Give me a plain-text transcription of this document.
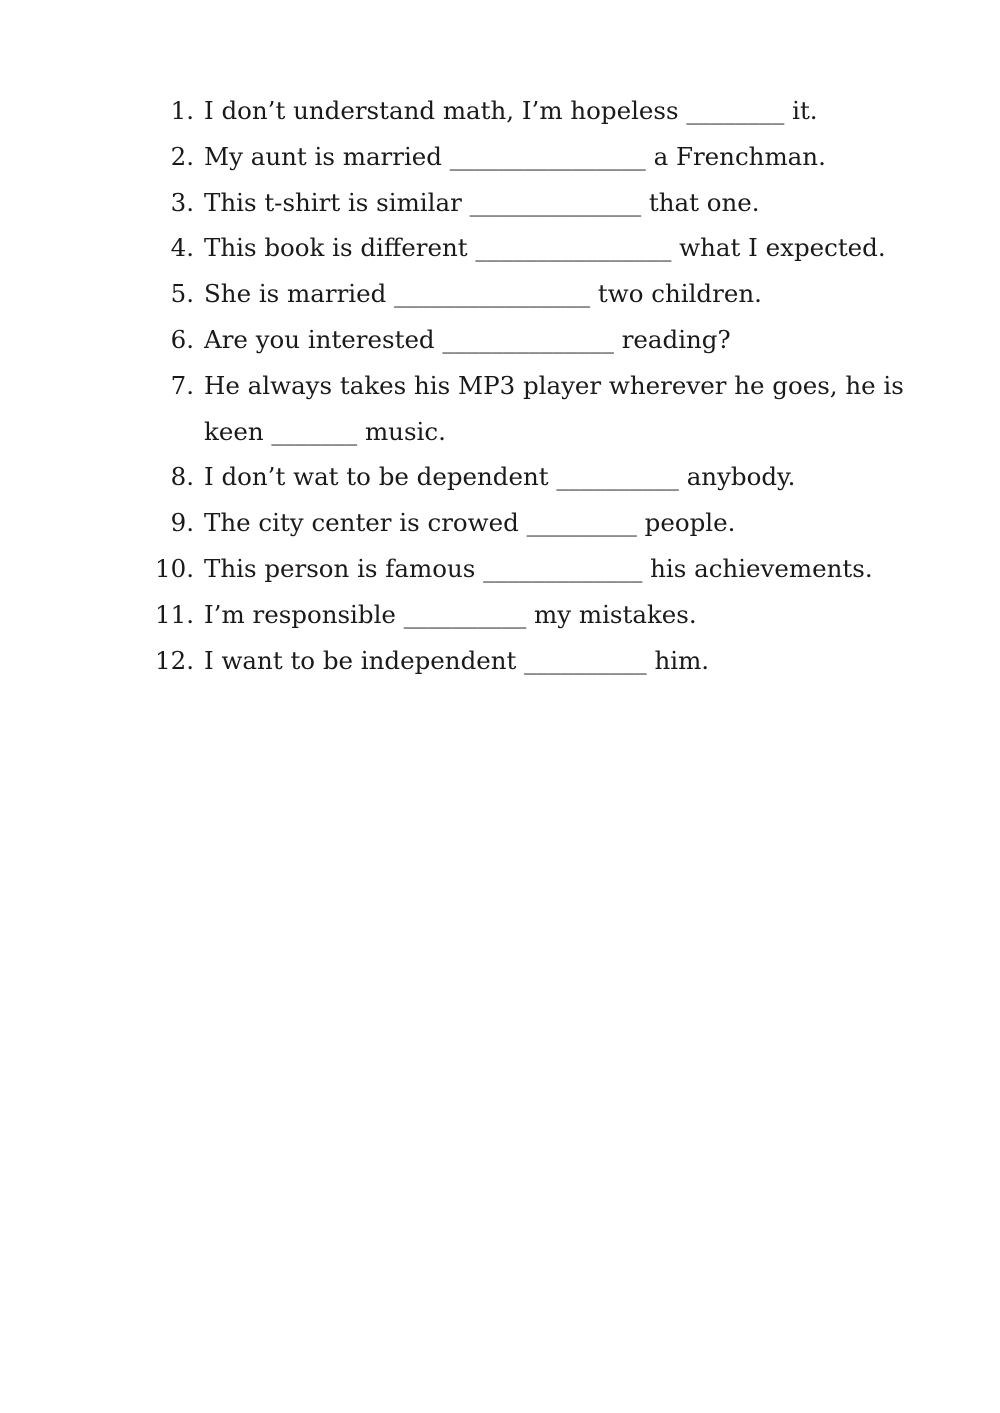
1. I don’t understand math, I’m hopeless ________ it.
2. My aunt is married ________________ a Frenchman.
3. This t-shirt is similar ______________ that one.
4. This book is different ________________ what I expected.
5. She is married ________________ two children.
6. Are you interested ______________ reading?
7. He always takes his MP3 player wherever he goes, he is keen _______ music.
8. I don’t wat to be dependent __________ anybody.
9. The city center is crowed _________ people.
10. This person is famous _____________ his achievements.
11. I’m responsible __________ my mistakes.
12. I want to be independent __________ him.
